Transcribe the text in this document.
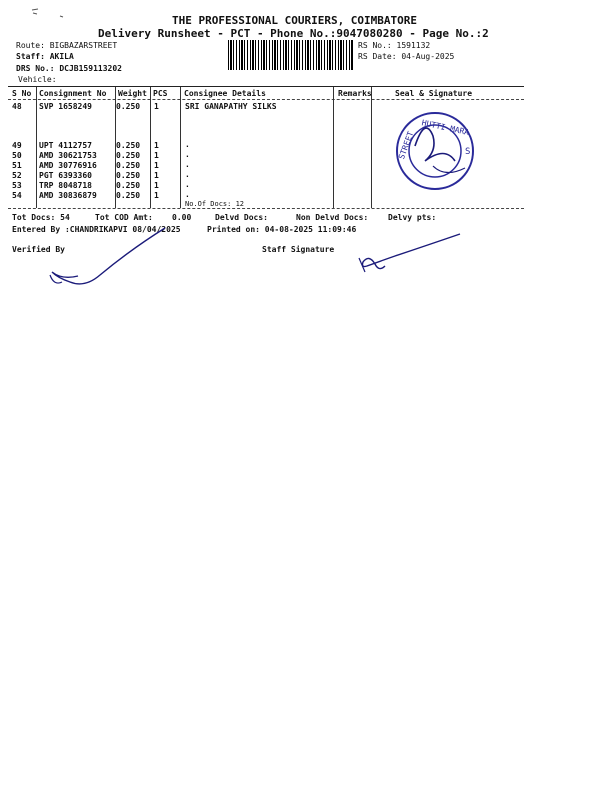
THE PROFESSIONAL COURIERS, COIMBATORE
Delivery Runsheet - PCT - Phone No.:9047080280 - Page No.:2
Route: BIGBAZARSTREET
Staff: AKILA
DRS No.: DCJB159113202
Vehicle:
RS No.: 1591132
RS Date: 04-Aug-2025
S No Consignment No Weight PCS Consignee Details	Remarks	Seal & Signature
48 SVP 1658249	0.250 1	SRI GANAPATHY SILKS
49 UPT 4112757	0.250 1	.
50 AMD 30621753 0.250 1	.
51 AMD 30776916 0.250 1	.
52 PGT 6393360	0.250 1	.
53 TRP 8048718	0.250 1	.
54 AMD 30836879 0.250 1	.
No.Of Docs: 12
HUTTI MARA
STREET	S
Tot Docs: 54	Tot COD Amt: 0.00	Delvd Docs:	Non Delvd Docs: Delvy pts:
Entered By :CHANDRIKAPVI 08/04/2025	Printed on: 04-08-2025 11:09:46
Verified By	Staff Signature
